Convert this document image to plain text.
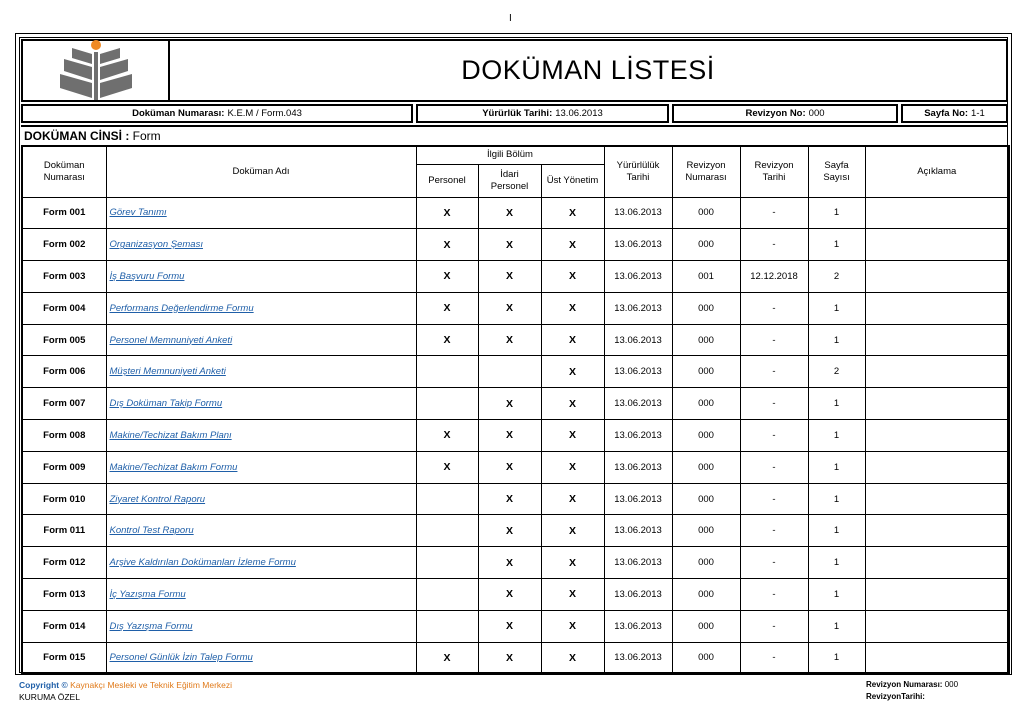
I
DOKÜMAN LİSTESİ
Doküman Numarası: K.E.M / Form.043	Yürürlük Tarihi: 13.06.2013	Revizyon No: 000	Sayfa No: 1-1
DOKÜMAN CİNSİ : Form
Doküman Numarası	Doküman Adı	İlgili Bölüm			Yürürlülük Tarihi	Revizyon Numarası	Revizyon Tarihi	Sayfa Sayısı	Açıklama
		Personel	İdari Personel	Üst Yönetim					
Form 001	Görev Tanımı	X	X	X	13.06.2013	000	-	1	
Form 002	Organizasyon Şeması	X	X	X	13.06.2013	000	-	1	
Form 003	İş Başvuru Formu	X	X	X	13.06.2013	001	12.12.2018	2	
Form 004	Performans Değerlendirme Formu	X	X	X	13.06.2013	000	-	1	
Form 005	Personel Memnuniyeti Anketi	X	X	X	13.06.2013	000	-	1	
Form 006	Müşteri Memnuniyeti Anketi			X	13.06.2013	000	-	2	
Form 007	Dış Doküman Takip Formu		X	X	13.06.2013	000	-	1	
Form 008	Makine/Techizat Bakım Planı	X	X	X	13.06.2013	000	-	1	
Form 009	Makine/Techizat Bakım Formu	X	X	X	13.06.2013	000	-	1	
Form 010	Ziyaret Kontrol Raporu		X	X	13.06.2013	000	-	1	
Form 011	Kontrol Test Raporu		X	X	13.06.2013	000	-	1	
Form 012	Arşive Kaldırılan Dokümanları İzleme Formu		X	X	13.06.2013	000	-	1	
Form 013	İç Yazışma Formu		X	X	13.06.2013	000	-	1	
Form 014	Dış Yazışma Formu		X	X	13.06.2013	000	-	1	
Form 015	Personel Günlük İzin Talep Formu	X	X	X	13.06.2013	000	-	1	
Copyright © Kaynakçı Mesleki ve Teknik Eğitim Merkezi
KURUMA ÖZEL
Revizyon Numarası: 000
RevizyonTarihi:
